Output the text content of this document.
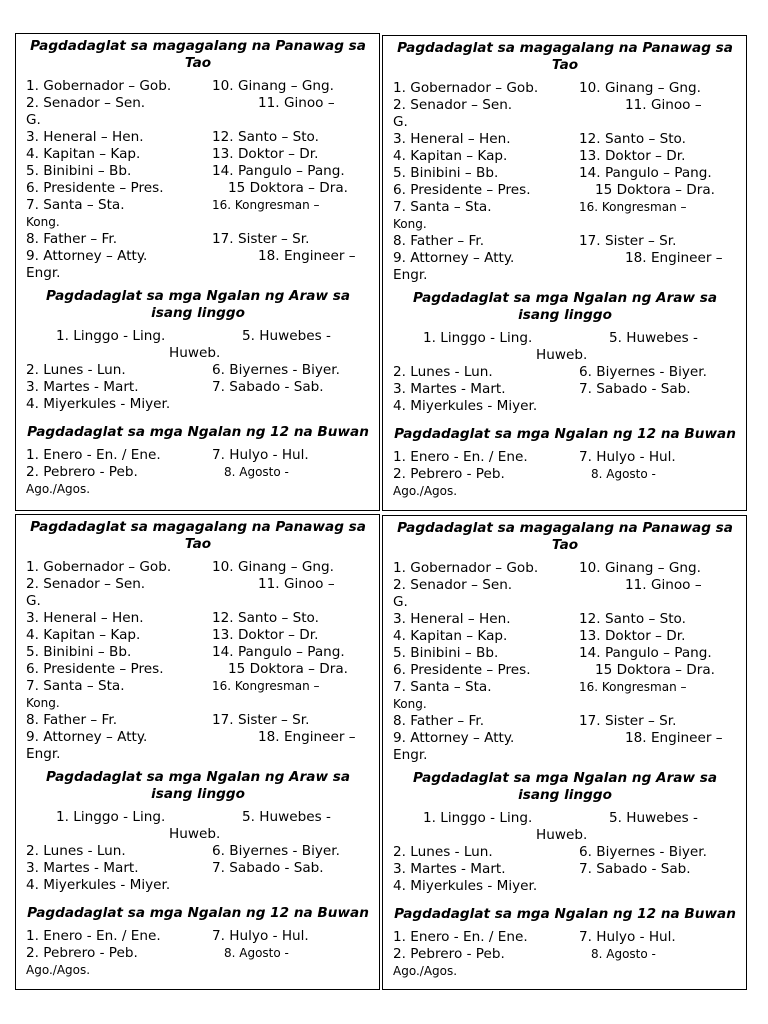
Pagdadaglat sa magagalang na Panawag sa Tao
1. Gobernador – Gob.	10. Ginang – Gng.
2. Senador – Sen.	11. Ginoo –
G.
3. Heneral – Hen.	12. Santo – Sto.
4. Kapitan – Kap.	13. Doktor – Dr.
5. Binibini – Bb.	14. Pangulo – Pang.
6. Presidente – Pres.	15 Doktora – Dra.
7. Santa – Sta.	16. Kongresman –
Kong.
8. Father – Fr.	17. Sister – Sr.
9. Attorney – Atty.	18. Engineer –
Engr.
Pagdadaglat sa mga Ngalan ng Araw sa isang linggo
1. Linggo - Ling.	5. Huwebes -
Huweb.
2. Lunes - Lun.	6. Biyernes - Biyer.
3. Martes - Mart.	7. Sabado - Sab.
4. Miyerkules - Miyer.
Pagdadaglat sa mga Ngalan ng 12 na Buwan
1. Enero - En. / Ene.	7. Hulyo - Hul.
2. Pebrero - Peb.	8. Agosto -
Ago./Agos.
Pagdadaglat sa magagalang na Panawag sa Tao
1. Gobernador – Gob.	10. Ginang – Gng.
2. Senador – Sen.	11. Ginoo –
G.
3. Heneral – Hen.	12. Santo – Sto.
4. Kapitan – Kap.	13. Doktor – Dr.
5. Binibini – Bb.	14. Pangulo – Pang.
6. Presidente – Pres.	15 Doktora – Dra.
7. Santa – Sta.	16. Kongresman –
Kong.
8. Father – Fr.	17. Sister – Sr.
9. Attorney – Atty.	18. Engineer –
Engr.
Pagdadaglat sa mga Ngalan ng Araw sa isang linggo
1. Linggo - Ling.	5. Huwebes -
Huweb.
2. Lunes - Lun.	6. Biyernes - Biyer.
3. Martes - Mart.	7. Sabado - Sab.
4. Miyerkules - Miyer.
Pagdadaglat sa mga Ngalan ng 12 na Buwan
1. Enero - En. / Ene.	7. Hulyo - Hul.
2. Pebrero - Peb.	8. Agosto -
Ago./Agos.
Pagdadaglat sa magagalang na Panawag sa Tao
1. Gobernador – Gob.	10. Ginang – Gng.
2. Senador – Sen.	11. Ginoo –
G.
3. Heneral – Hen.	12. Santo – Sto.
4. Kapitan – Kap.	13. Doktor – Dr.
5. Binibini – Bb.	14. Pangulo – Pang.
6. Presidente – Pres.	15 Doktora – Dra.
7. Santa – Sta.	16. Kongresman –
Kong.
8. Father – Fr.	17. Sister – Sr.
9. Attorney – Atty.	18. Engineer –
Engr.
Pagdadaglat sa mga Ngalan ng Araw sa isang linggo
1. Linggo - Ling.	5. Huwebes -
Huweb.
2. Lunes - Lun.	6. Biyernes - Biyer.
3. Martes - Mart.	7. Sabado - Sab.
4. Miyerkules - Miyer.
Pagdadaglat sa mga Ngalan ng 12 na Buwan
1. Enero - En. / Ene.	7. Hulyo - Hul.
2. Pebrero - Peb.	8. Agosto -
Ago./Agos.
Pagdadaglat sa magagalang na Panawag sa Tao
1. Gobernador – Gob.	10. Ginang – Gng.
2. Senador – Sen.	11. Ginoo –
G.
3. Heneral – Hen.	12. Santo – Sto.
4. Kapitan – Kap.	13. Doktor – Dr.
5. Binibini – Bb.	14. Pangulo – Pang.
6. Presidente – Pres.	15 Doktora – Dra.
7. Santa – Sta.	16. Kongresman –
Kong.
8. Father – Fr.	17. Sister – Sr.
9. Attorney – Atty.	18. Engineer –
Engr.
Pagdadaglat sa mga Ngalan ng Araw sa isang linggo
1. Linggo - Ling.	5. Huwebes -
Huweb.
2. Lunes - Lun.	6. Biyernes - Biyer.
3. Martes - Mart.	7. Sabado - Sab.
4. Miyerkules - Miyer.
Pagdadaglat sa mga Ngalan ng 12 na Buwan
1. Enero - En. / Ene.	7. Hulyo - Hul.
2. Pebrero - Peb.	8. Agosto -
Ago./Agos.
